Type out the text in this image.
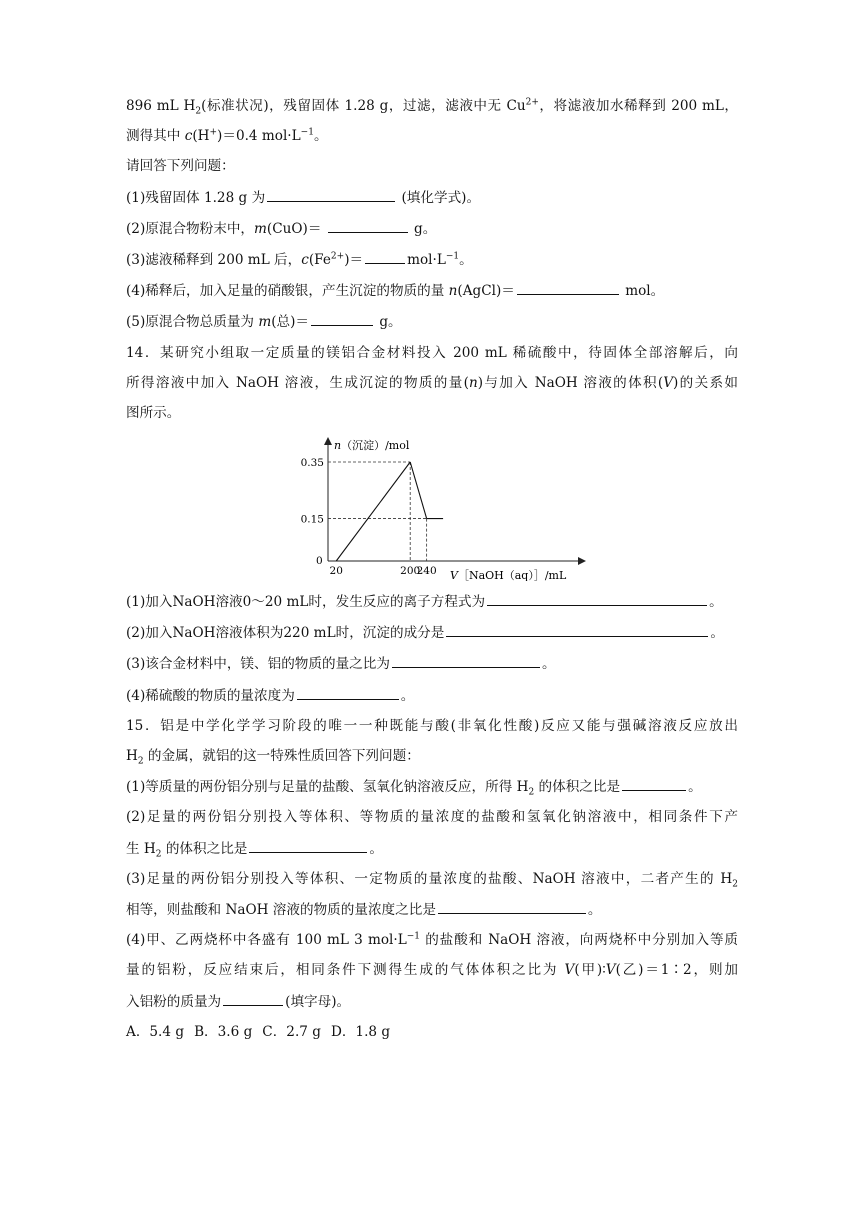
896 mL $H_2$(标准状况)，残留固体 1.28 g，过滤，滤液中无 $Cu^{2+}$，将滤液加水稀释到 200 mL，
测得其中 c(H+)＝0.4 $mol\cdot L^{-1}$。
请回答下列问题：
(1)残留固体 1.28 g 为	(填化学式)。
(2)原混合物粉末中，m(CuO)＝	g。
(3)滤液稀释到 200 mL 后，$c(Fe^{2+})=$	$mol\cdot L^{-1}$。
(4)稀释后，加入足量的硝酸银，产生沉淀的物质的量 n(AgCl)＝	mol。
(5)原混合物总质量为 m(总)＝	g。
14．某研究小组取一定质量的镁铝合金材料投入 200 mL 稀硫酸中，待固体全部溶解后，向
所得溶液中加入 NaOH 溶液，生成沉淀的物质的量(n)与加入 NaOH 溶液的体积(V)的关系如
图所示。
n（沉淀）/mol
V［NaOH（aq）］/mL
0
0.35
0.15
20	200
240
(1)加入NaOH溶液0～20 mL时，发生反应的离子方程式为	。
(2)加入NaOH溶液体积为220 mL时，沉淀的成分是	。
(3)该合金材料中，镁、铝的物质的量之比为	。
(4)稀硫酸的物质的量浓度为	。
15．铝是中学化学学习阶段的唯一一种既能与酸(非氧化性酸)反应又能与强碱溶液反应放出
$H_2$ 的金属，就铝的这一特殊性质回答下列问题：
(1)等质量的两份铝分别与足量的盐酸、氢氧化钠溶液反应，所得 $H_2$ 的体积之比是	。
(2)足量的两份铝分别投入等体积、等物质的量浓度的盐酸和氢氧化钠溶液中，相同条件下产
生 $H_2$ 的体积之比是	。
(3)足量的两份铝分别投入等体积、一定物质的量浓度的盐酸、NaOH 溶液中，二者产生的 $H_2$
相等，则盐酸和 NaOH 溶液的物质的量浓度之比是	。
(4)甲、乙两烧杯中各盛有 100 mL 3 $mol\cdot L^{-1}$ 的盐酸和 NaOH 溶液，向两烧杯中分别加入等质
量的铝粉，反应结束后，相同条件下测得生成的气体体积之比为 V(甲)∶V(乙)＝1∶2，则加
入铝粉的质量为	(填字母)。
A．5.4 g B．3.6 g C．2.7 g D．1.8 g
